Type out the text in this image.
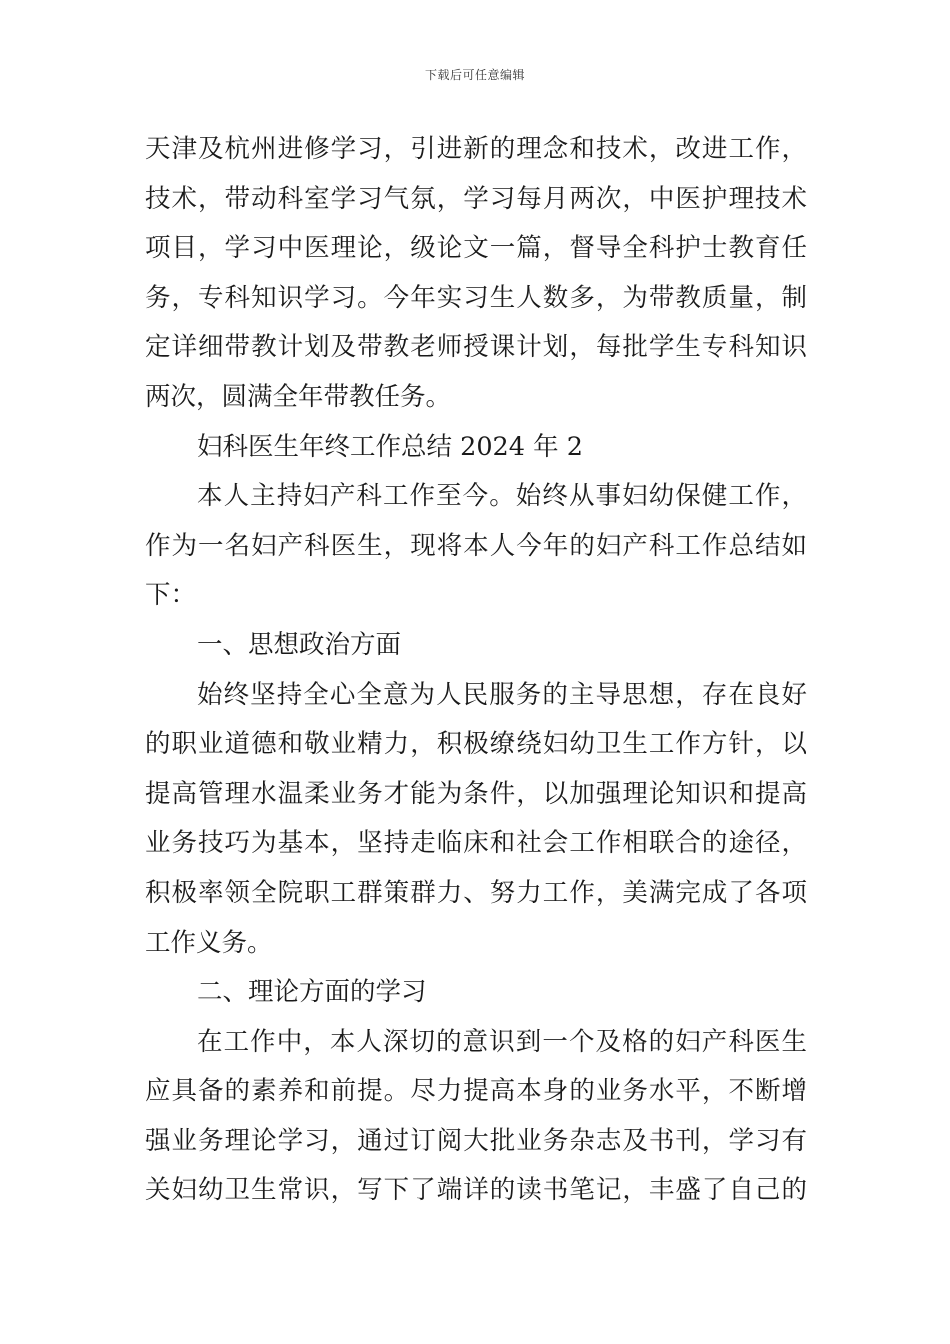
下载后可任意编辑

天津及杭州进修学习，引进新的理念和技术，改进工作，

技术，带动科室学习气氛，学习每月两次，中医护理技术

项目，学习中医理论，级论文一篇，督导全科护士教育任

务，专科知识学习。今年实习生人数多，为带教质量，制

定详细带教计划及带教老师授课计划，每批学生专科知识

两次，圆满全年带教任务。

妇科医生年终工作总结 2024 年 2

本人主持妇产科工作至今。始终从事妇幼保健工作，

作为一名妇产科医生，现将本人今年的妇产科工作总结如

下：

一、思想政治方面

始终坚持全心全意为人民服务的主导思想，存在良好

的职业道德和敬业精力，积极缭绕妇幼卫生工作方针，以

提高管理水温柔业务才能为条件，以加强理论知识和提高

业务技巧为基本，坚持走临床和社会工作相联合的途径，

积极率领全院职工群策群力、努力工作，美满完成了各项

工作义务。

二、理论方面的学习

在工作中，本人深切的意识到一个及格的妇产科医生

应具备的素养和前提。尽力提高本身的业务水平，不断增

强业务理论学习，通过订阅大批业务杂志及书刊，学习有

关妇幼卫生常识，写下了端详的读书笔记，丰盛了自己的
